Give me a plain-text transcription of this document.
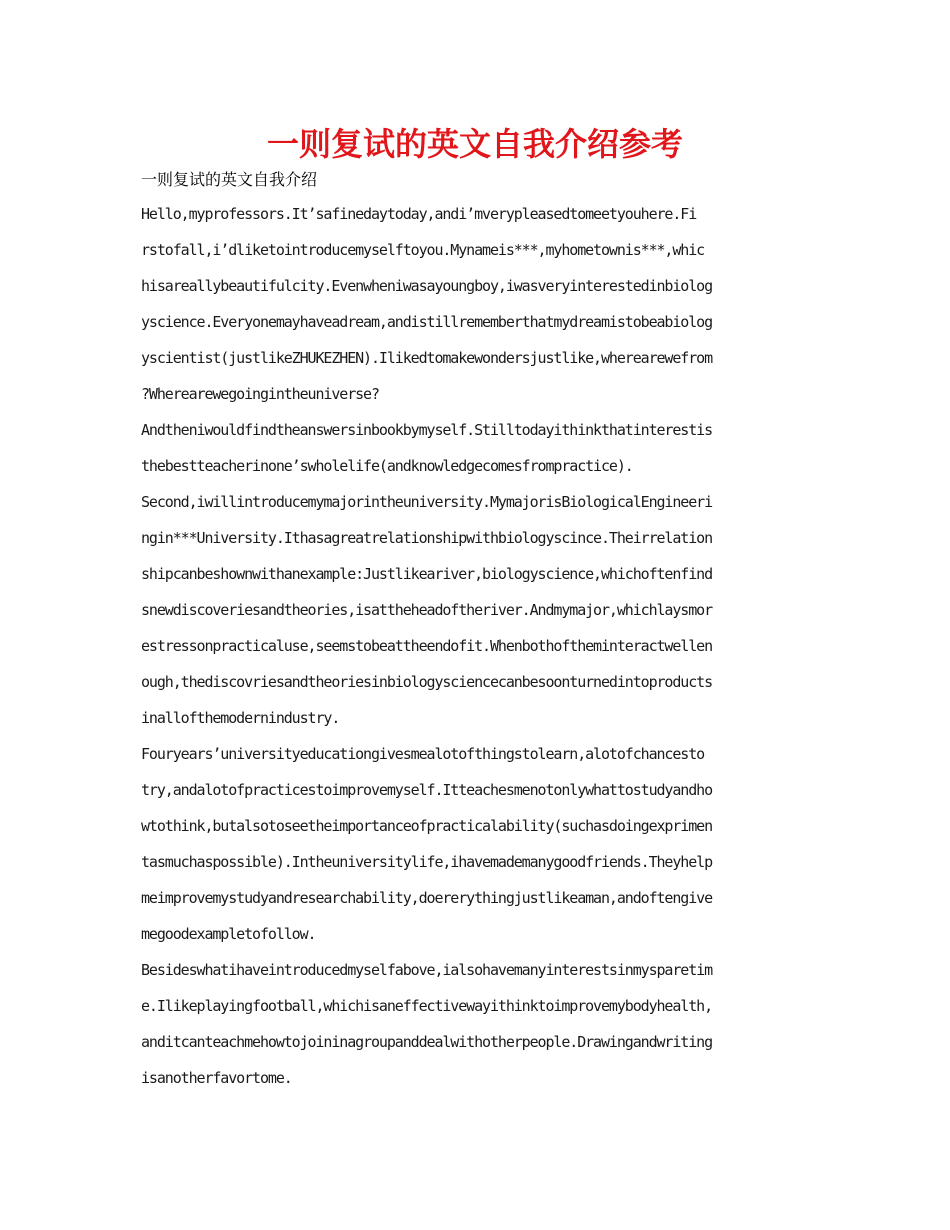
一则复试的英文自我介绍参考

一则复试的英文自我介绍

Hello,myprofessors.It’safinedaytoday,andi’mverypleasedtomeetyouhere.Fi
rstofall,i’dliketointroducemyselftoyou.Mynameis***,myhometownis***,whic
hisareallybeautifulcity.Evenwheniwasayoungboy,iwasveryinterestedinbiolog
yscience.Everyonemayhaveadream,andistillrememberthatmydreamistobeabiolog
yscientist(justlikeZHUKEZHEN).Ilikedtomakewondersjustlike,wherearewefrom
?Wherearewegoingintheuniverse?
Andtheniwouldfindtheanswersinbookbymyself.Stilltodayithinkthatinterestis
thebestteacherinone’swholelife(andknowledgecomesfrompractice).
Second,iwillintroducemymajorintheuniversity.MymajorisBiologicalEngineeri
ngin***University.Ithasagreatrelationshipwithbiologyscince.Theirrelation
shipcanbeshownwithanexample:Justlikeariver,biologyscience,whichoftenfind
snewdiscoveriesandtheories,isattheheadoftheriver.Andmymajor,whichlaysmor
estressonpracticaluse,seemstobeattheendofit.Whenbothoftheminteractwellen
ough,thediscovriesandtheoriesinbiologysciencecanbesoonturnedintoproducts
inallofthemodernindustry.
Fouryears’universityeducationgivesmealotofthingstolearn,alotofchancesto
try,andalotofpracticestoimprovemyself.Itteachesmenotonlywhattostudyandho
wtothink,butalsotoseetheimportanceofpracticalability(suchasdoingexprimen
tasmuchaspossible).Intheuniversitylife,ihavemademanygoodfriends.Theyhelp
meimprovemystudyandresearchability,doererythingjustlikeaman,andoftengive
megoodexampletofollow.
Besideswhatihaveintroducedmyselfabove,ialsohavemanyinterestsinmysparetim
e.Ilikeplayingfootball,whichisaneffectivewayithinktoimprovemybodyhealth,
anditcanteachmehowtojoininagroupanddealwithotherpeople.Drawingandwriting
isanotherfavortome.
